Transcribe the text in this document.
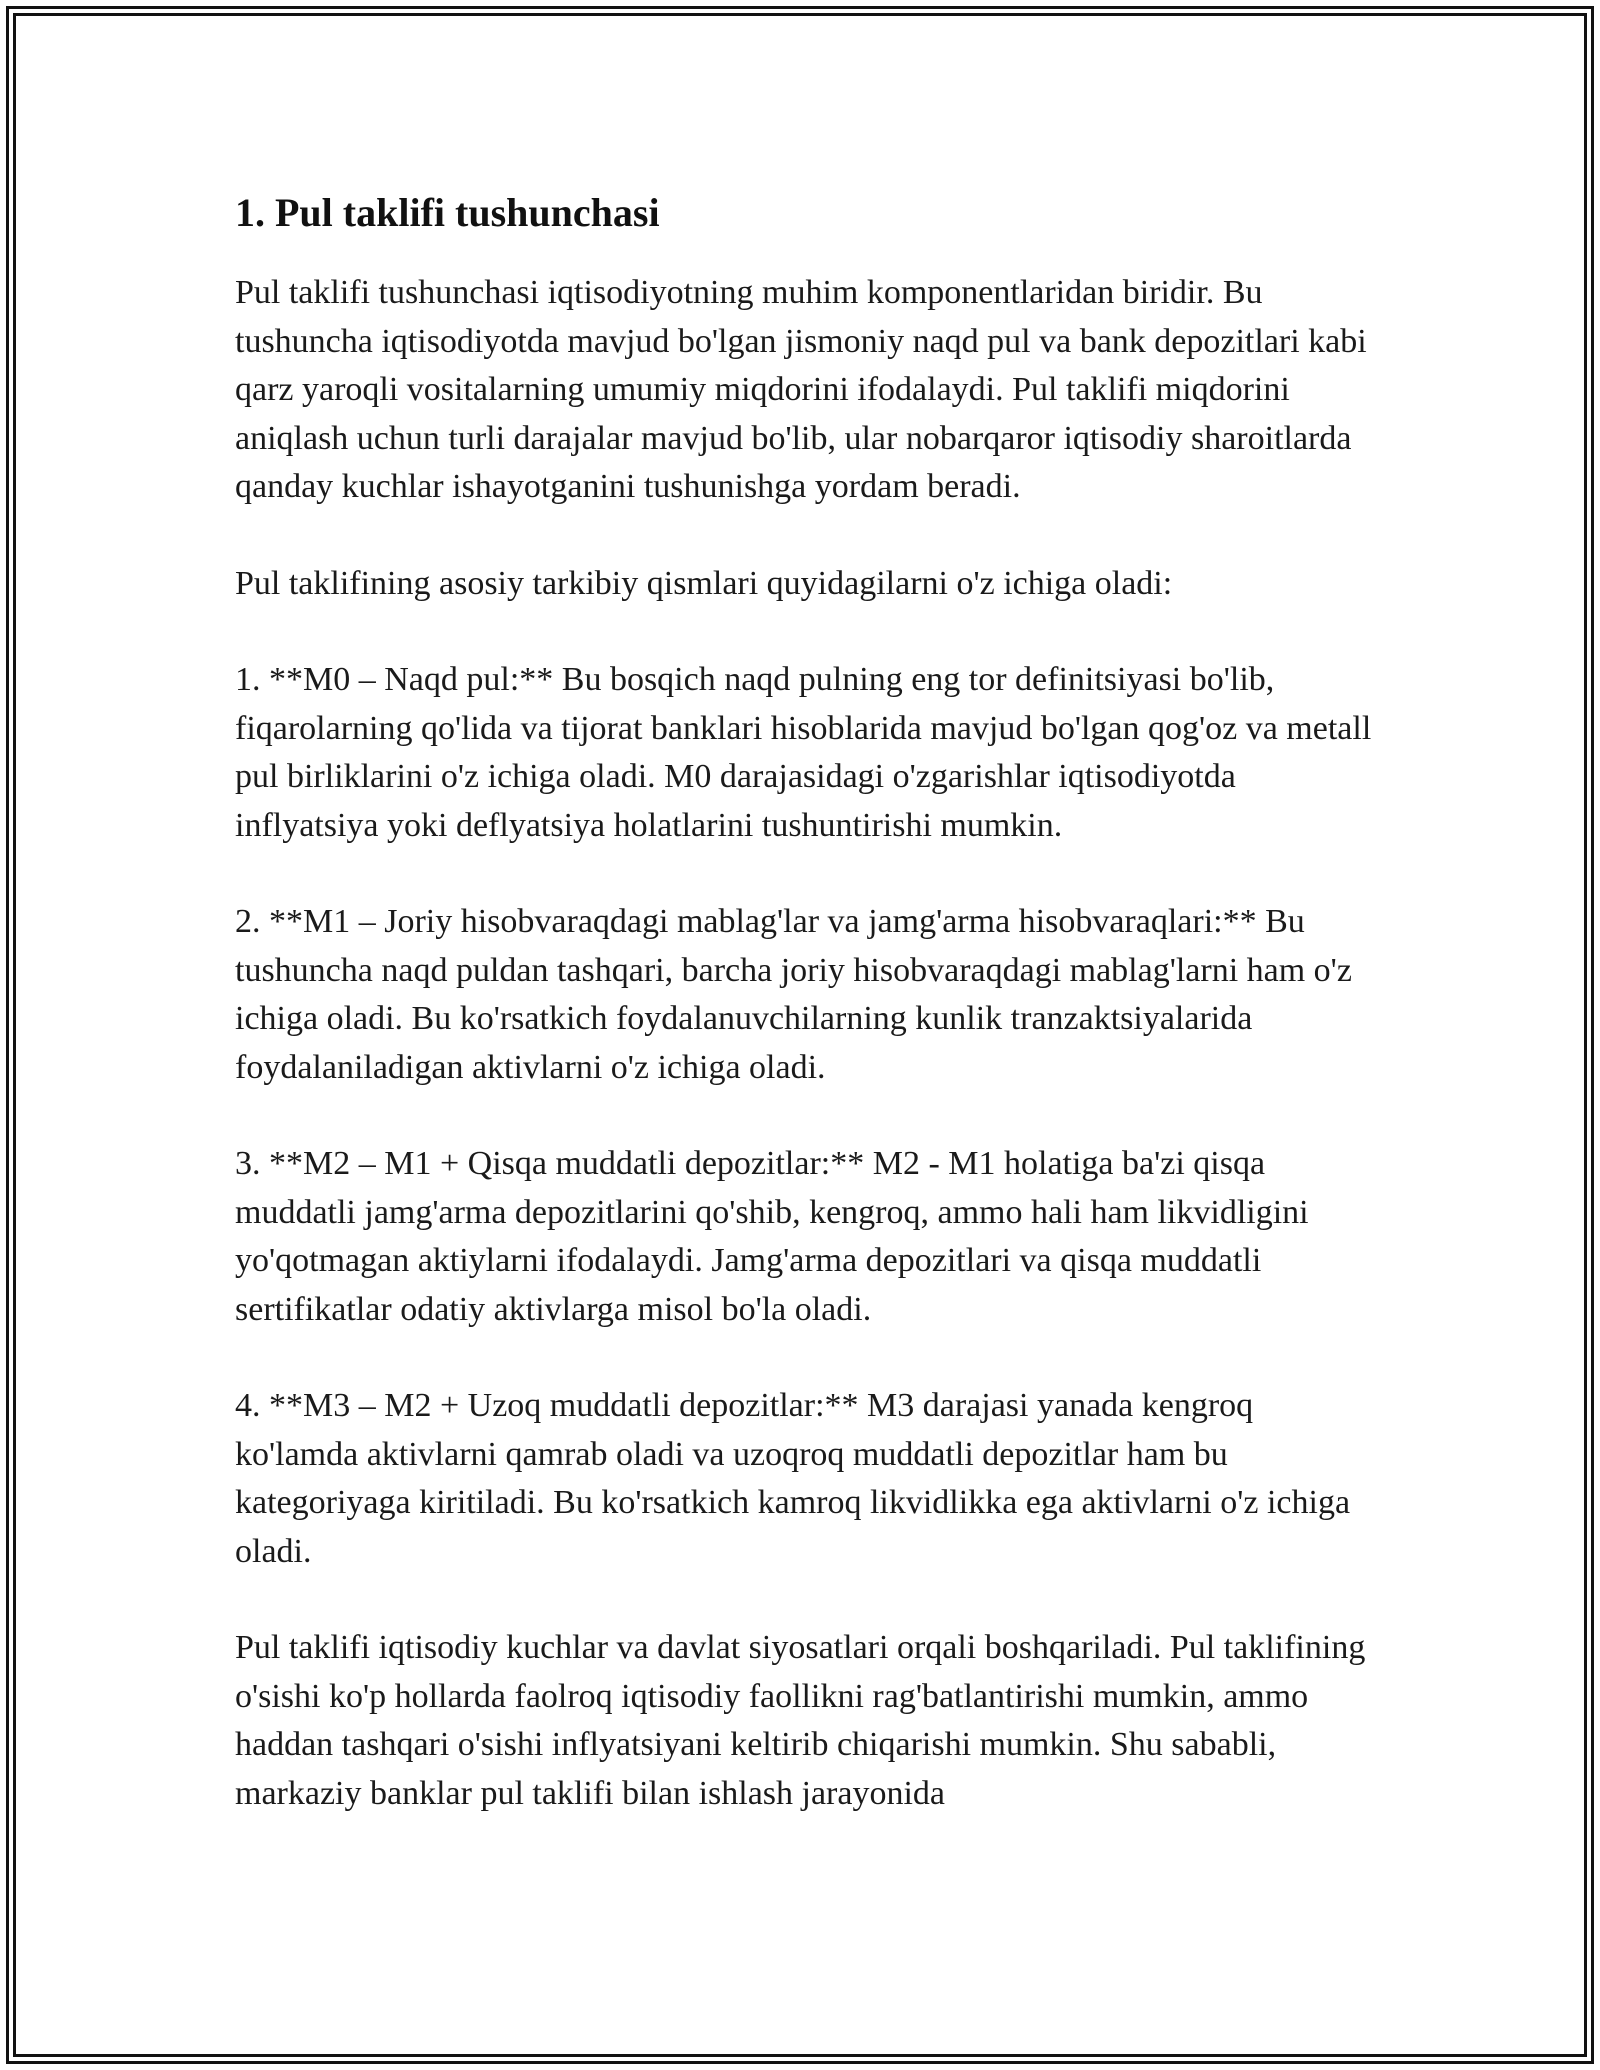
1. Pul taklifi tushunchasi

Pul taklifi tushunchasi iqtisodiyotning muhim komponentlaridan biridir. Bu tushuncha iqtisodiyotda mavjud bo'lgan jismoniy naqd pul va bank depozitlari kabi qarz yaroqli vositalarning umumiy miqdorini ifodalaydi. Pul taklifi miqdorini aniqlash uchun turli darajalar mavjud bo'lib, ular nobarqaror iqtisodiy sharoitlarda qanday kuchlar ishayotganini tushunishga yordam beradi.

Pul taklifining asosiy tarkibiy qismlari quyidagilarni o'z ichiga oladi:

1. **M0 – Naqd pul:** Bu bosqich naqd pulning eng tor definitsiyasi bo'lib, fiqarolarning qo'lida va tijorat banklari hisoblarida mavjud bo'lgan qog'oz va metall pul birliklarini o'z ichiga oladi. M0 darajasidagi o'zgarishlar iqtisodiyotda inflyatsiya yoki deflyatsiya holatlarini tushuntirishi mumkin.

2. **M1 – Joriy hisobvaraqdagi mablag'lar va jamg'arma hisobvaraqlari:** Bu tushuncha naqd puldan tashqari, barcha joriy hisobvaraqdagi mablag'larni ham o'z ichiga oladi. Bu ko'rsatkich foydalanuvchilarning kunlik tranzaktsiyalarida foydalaniladigan aktivlarni o'z ichiga oladi.

3. **M2 – M1 + Qisqa muddatli depozitlar:** M2 - M1 holatiga ba'zi qisqa muddatli jamg'arma depozitlarini qo'shib, kengroq, ammo hali ham likvidligini yo'qotmagan aktiylarni ifodalaydi. Jamg'arma depozitlari va qisqa muddatli sertifikatlar odatiy aktivlarga misol bo'la oladi.

4. **M3 – M2 + Uzoq muddatli depozitlar:** M3 darajasi yanada kengroq ko'lamda aktivlarni qamrab oladi va uzoqroq muddatli depozitlar ham bu kategoriyaga kiritiladi. Bu ko'rsatkich kamroq likvidlikka ega aktivlarni o'z ichiga oladi.

Pul taklifi iqtisodiy kuchlar va davlat siyosatlari orqali boshqariladi. Pul taklifining o'sishi ko'p hollarda faolroq iqtisodiy faollikni rag'batlantirishi mumkin, ammo haddan tashqari o'sishi inflyatsiyani keltirib chiqarishi mumkin. Shu sababli, markaziy banklar pul taklifi bilan ishlash jarayonida
